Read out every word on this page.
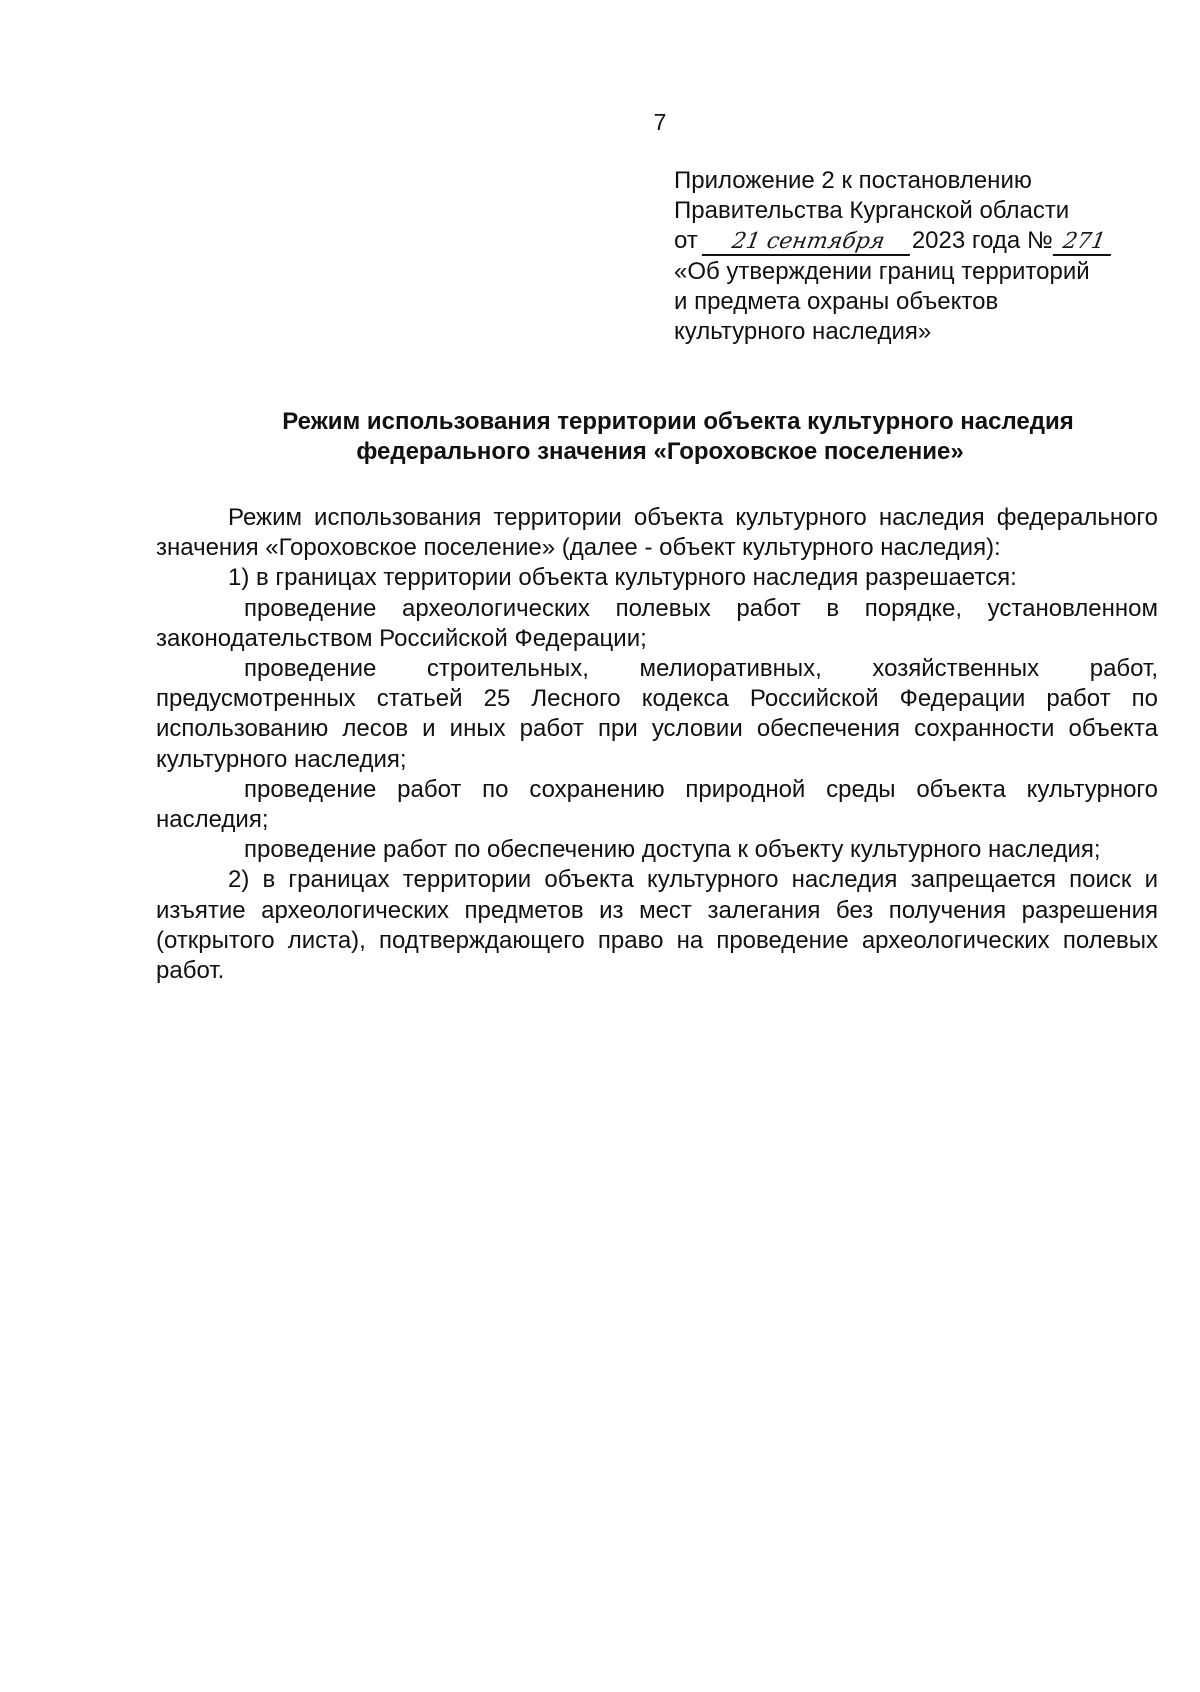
7
Приложение 2 к постановлению
Правительства Курганской области
от 21 сентября 2023 года № 271
«Об утверждении границ территорий
и предмета охраны объектов
культурного наследия»
Режим использования территории объекта культурного наследия
федерального значения «Гороховское поселение»

Режим использования территории объекта культурного наследия федерального значения «Гороховское поселение» (далее - объект культурного наследия):

1) в границах территории объекта культурного наследия разрешается:

проведение археологических полевых работ в порядке, установленном законодательством Российской Федерации;

проведение строительных, мелиоративных, хозяйственных работ, предусмотренных статьей 25 Лесного кодекса Российской Федерации работ по использованию лесов и иных работ при условии обеспечения сохранности объекта культурного наследия;

проведение работ по сохранению природной среды объекта культурного наследия;

проведение работ по обеспечению доступа к объекту культурного наследия;

2) в границах территории объекта культурного наследия запрещается поиск и изъятие археологических предметов из мест залегания без получения разрешения (открытого листа), подтверждающего право на проведение археологических полевых работ.
